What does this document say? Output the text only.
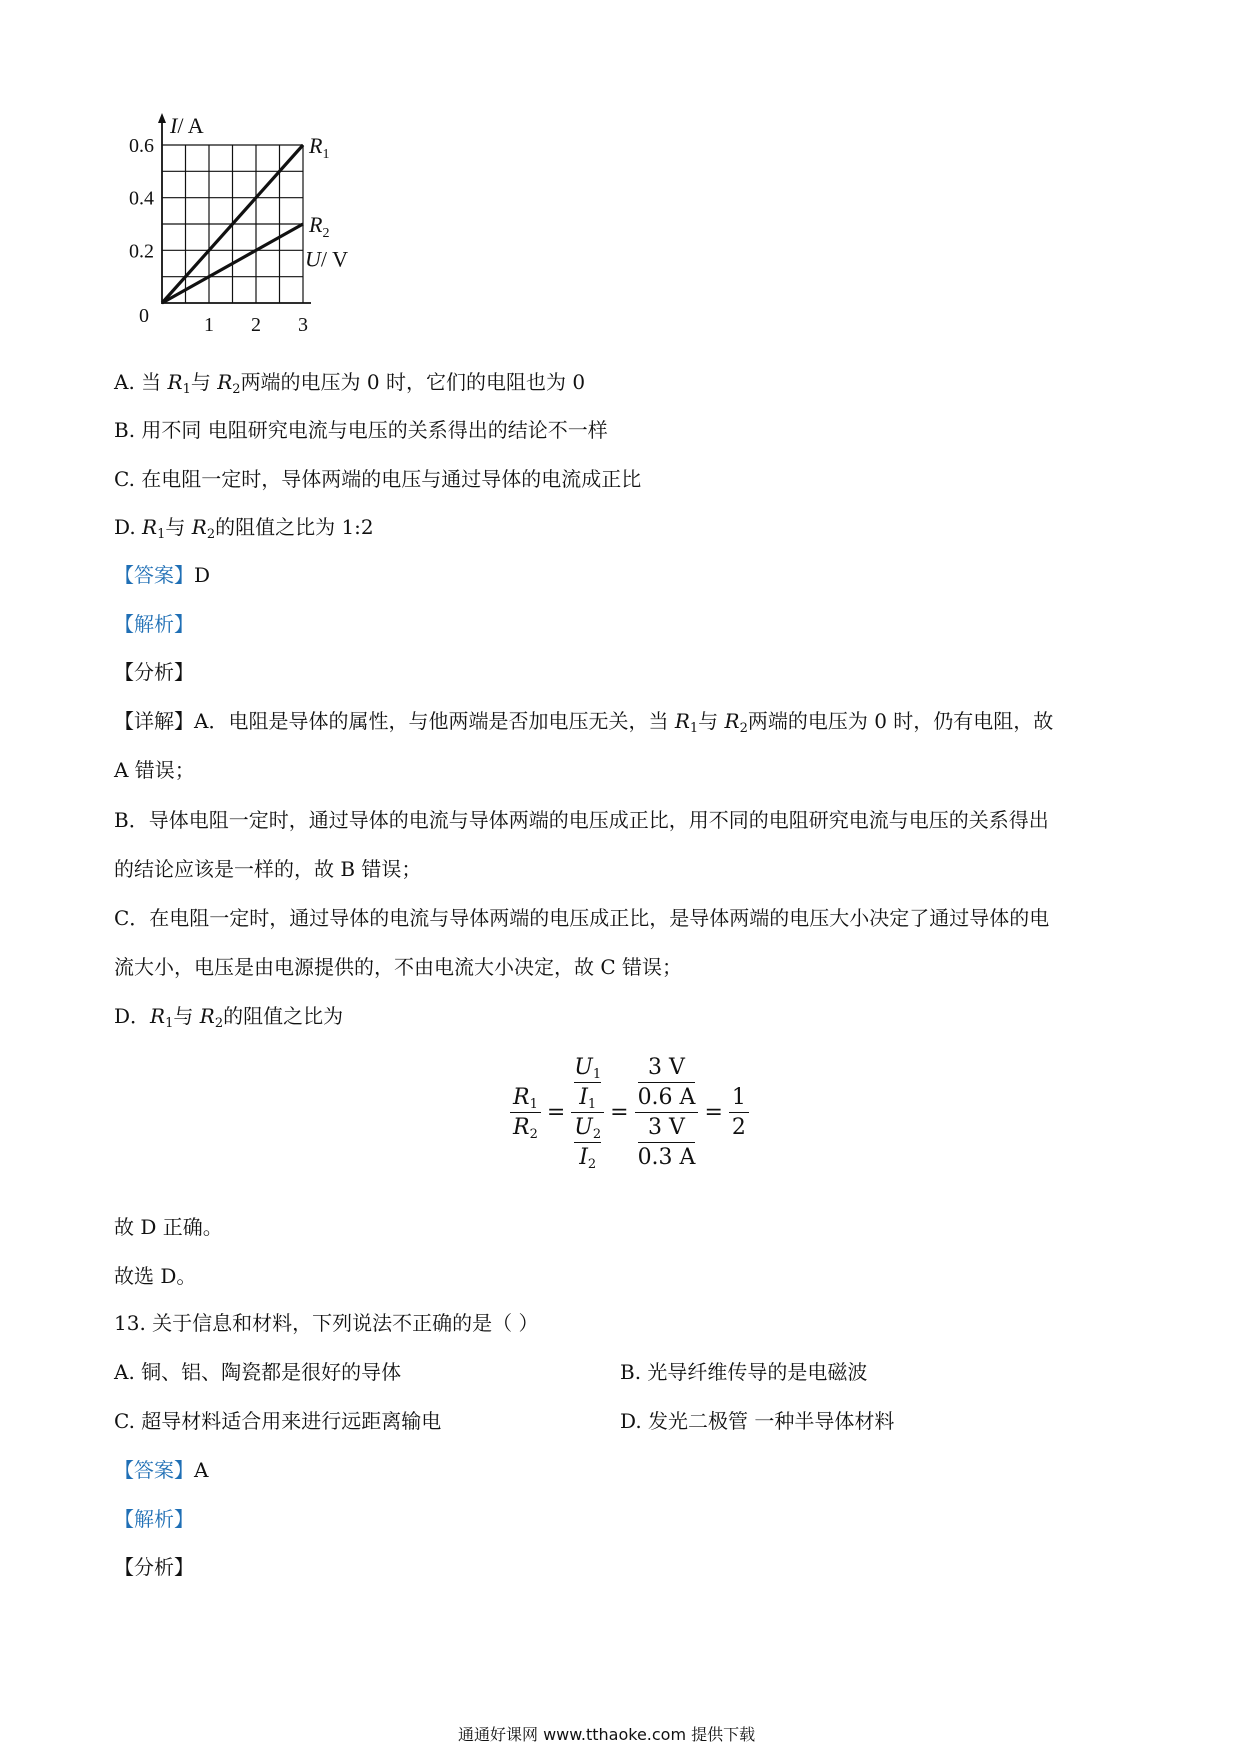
0.2
0.4
0.6
1 2 3
0
I/ A
U/ V
$R_1$
$R_2$
A. 当 $R_1$与 $R_2$两端的电压为 0 时，它们的电阻也为 0
B. 用不同 电阻研究电流与电压的关系得出的结论不一样
C. 在电阻一定时，导体两端的电压与通过导体的电流成正比
D. $R_1$与 $R_2$的阻值之比为 1:2
【答案】D
【解析】
【分析】
【详解】A．电阻是导体的属性，与他两端是否加电压无关，当 $R_1$与 $R_2$两端的电压为 0 时，仍有电阻，故
A 错误；
B．导体电阻一定时，通过导体的电流与导体两端的电压成正比，用不同的电阻研究电流与电压的关系得出
的结论应该是一样的，故 B 错误；
C．在电阻一定时，通过导体的电流与导体两端的电压成正比，是导体两端的电压大小决定了通过导体的电
流大小，电压是由电源提供的，不由电流大小决定，故 C 错误；
D．$R_1$与 $R_2$的阻值之比为
$\frac{R_1}{R_2} = \frac{\frac{U_1}{I_1}}{\frac{U_2}{I_2}} = \frac{\frac{3 V}{0.6 A}}{\frac{3 V}{0.3 A}} = \frac{1}{2}$
故 D 正确。
故选 D。
13. 关于信息和材料，下列说法不正确的是（ ）
A. 铜、铝、陶瓷都是很好的导体	B. 光导纤维传导的是电磁波
C. 超导材料适合用来进行远距离输电	D. 发光二极管 一种半导体材料
【答案】A
【解析】
【分析】
通通好课网 www.tthaoke.com 提供下载
